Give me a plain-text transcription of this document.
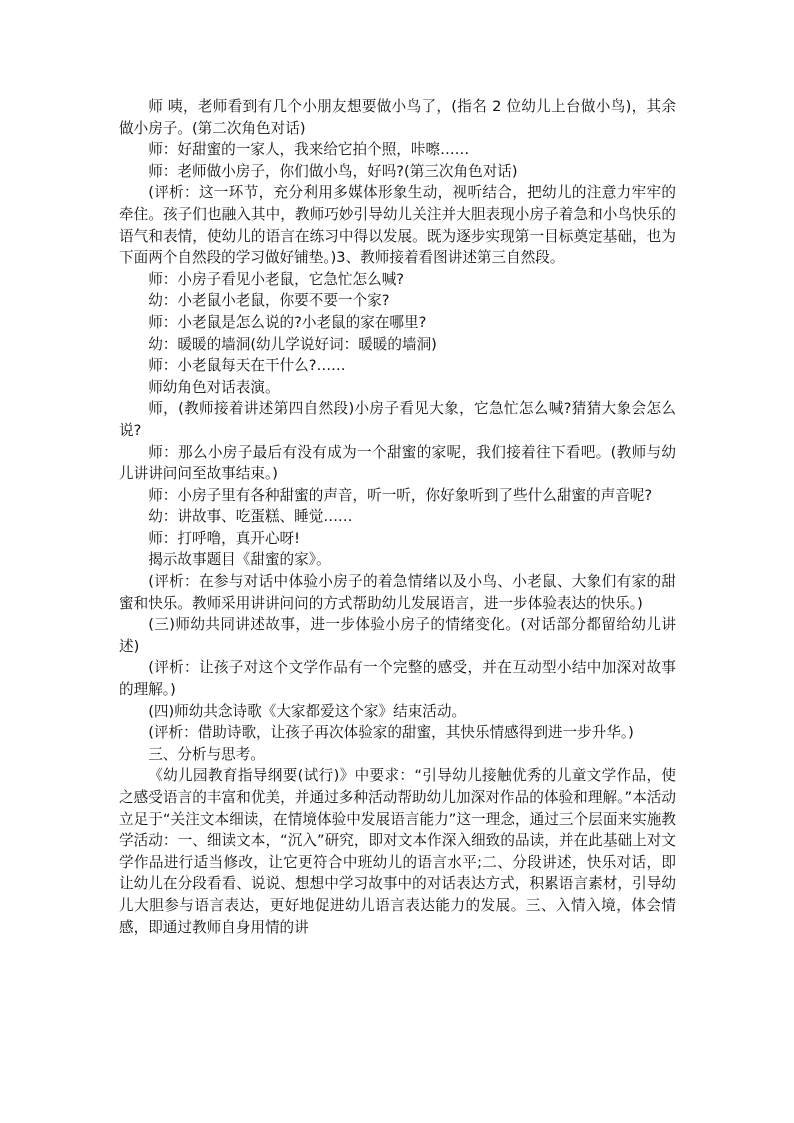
师 咦，老师看到有几个小朋友想要做小鸟了，(指名 2 位幼儿上台做小鸟)，其余做小房子。(第二次角色对话)

师：好甜蜜的一家人，我来给它拍个照，咔嚓……

师：老师做小房子，你们做小鸟，好吗?(第三次角色对话)

(评析：这一环节，充分利用多媒体形象生动，视听结合，把幼儿的注意力牢牢的牵住。孩子们也融入其中，教师巧妙引导幼儿关注并大胆表现小房子着急和小鸟快乐的语气和表情，使幼儿的语言在练习中得以发展。既为逐步实现第一目标奠定基础，也为下面两个自然段的学习做好铺垫。)3、教师接着看图讲述第三自然段。

师：小房子看见小老鼠，它急忙怎么喊?

幼：小老鼠小老鼠，你要不要一个家?

师：小老鼠是怎么说的?小老鼠的家在哪里?

幼：暖暖的墙洞(幼儿学说好词：暖暖的墙洞)

师：小老鼠每天在干什么?……

师幼角色对话表演。

师，(教师接着讲述第四自然段)小房子看见大象，它急忙怎么喊?猜猜大象会怎么说?

师：那么小房子最后有没有成为一个甜蜜的家呢，我们接着往下看吧。(教师与幼儿讲讲问问至故事结束。)

师：小房子里有各种甜蜜的声音，听一听，你好象听到了些什么甜蜜的声音呢?

幼：讲故事、吃蛋糕、睡觉……

师：打呼噜，真开心呀!

揭示故事题目《甜蜜的家》。

(评析：在参与对话中体验小房子的着急情绪以及小鸟、小老鼠、大象们有家的甜蜜和快乐。教师采用讲讲问问的方式帮助幼儿发展语言，进一步体验表达的快乐。)

(三)师幼共同讲述故事，进一步体验小房子的情绪变化。(对话部分都留给幼儿讲述)

(评析：让孩子对这个文学作品有一个完整的感受，并在互动型小结中加深对故事的理解。)

(四)师幼共念诗歌《大家都爱这个家》结束活动。

(评析：借助诗歌，让孩子再次体验家的甜蜜，其快乐情感得到进一步升华。)

三、分析与思考。

《幼儿园教育指导纲要(试行)》中要求：“引导幼儿接触优秀的儿童文学作品，使之感受语言的丰富和优美，并通过多种活动帮助幼儿加深对作品的体验和理解。”本活动立足于“关注文本细读，在情境体验中发展语言能力”这一理念，通过三个层面来实施教学活动：一、细读文本，“沉入”研究，即对文本作深入细致的品读，并在此基础上对文学作品进行适当修改，让它更符合中班幼儿的语言水平;二、分段讲述，快乐对话，即让幼儿在分段看看、说说、想想中学习故事中的对话表达方式，积累语言素材，引导幼儿大胆参与语言表达，更好地促进幼儿语言表达能力的发展。三、入情入境，体会情感，即通过教师自身用情的讲
